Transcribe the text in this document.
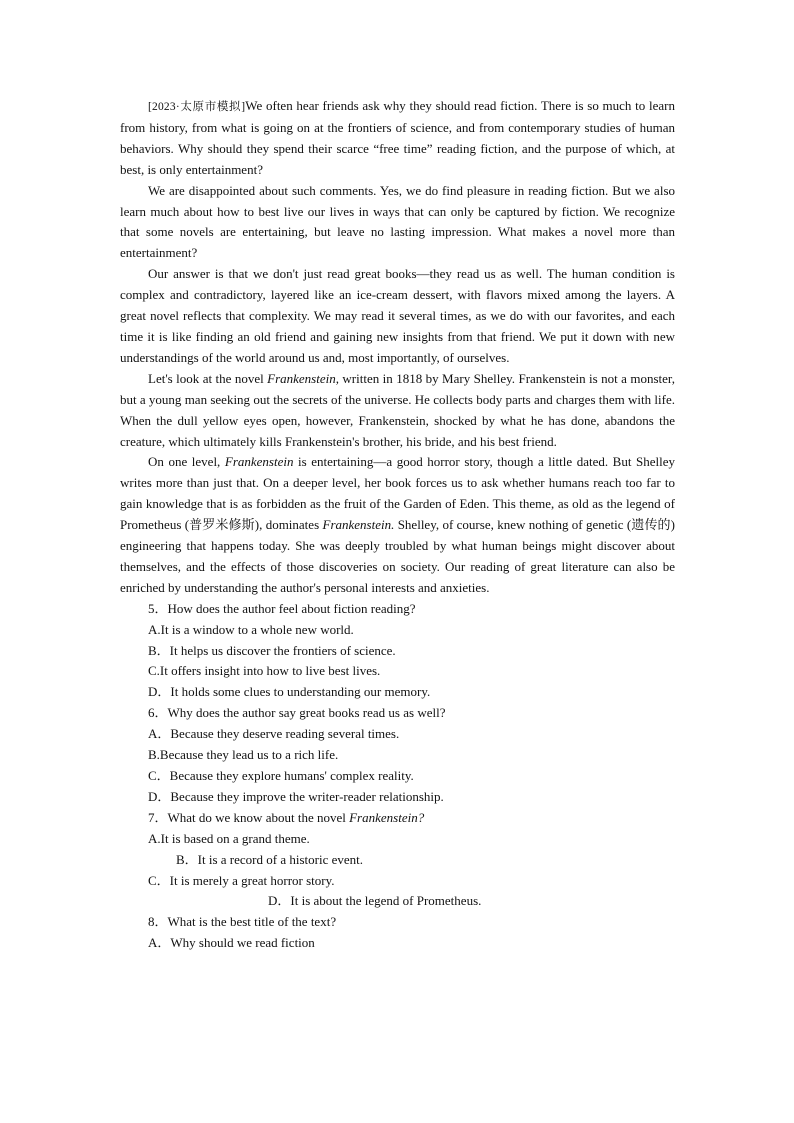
[2023·太原市模拟]We often hear friends ask why they should read fiction. There is so much to learn from history, from what is going on at the frontiers of science, and from contemporary studies of human behaviors. Why should they spend their scarce “free time” reading fiction, and the purpose of which, at best, is only entertainment?

We are disappointed about such comments. Yes, we do find pleasure in reading fiction. But we also learn much about how to best live our lives in ways that can only be captured by fiction. We recognize that some novels are entertaining, but leave no lasting impression. What makes a novel more than entertainment?

Our answer is that we don't just read great books—they read us as well. The human condition is complex and contradictory, layered like an ice-cream dessert, with flavors mixed among the layers. A great novel reflects that complexity. We may read it several times, as we do with our favorites, and each time it is like finding an old friend and gaining new insights from that friend. We put it down with new understandings of the world around us and, most importantly, of ourselves.

Let's look at the novel Frankenstein, written in 1818 by Mary Shelley. Frankenstein is not a monster, but a young man seeking out the secrets of the universe. He collects body parts and charges them with life. When the dull yellow eyes open, however, Frankenstein, shocked by what he has done, abandons the creature, which ultimately kills Frankenstein's brother, his bride, and his best friend.

On one level, Frankenstein is entertaining—a good horror story, though a little dated. But Shelley writes more than just that. On a deeper level, her book forces us to ask whether humans reach too far to gain knowledge that is as forbidden as the fruit of the Garden of Eden. This theme, as old as the legend of Prometheus (普罗米修斯), dominates Frankenstein. Shelley, of course, knew nothing of genetic (遗传的) engineering that happens today. She was deeply troubled by what human beings might discover about themselves, and the effects of those discoveries on society. Our reading of great literature can also be enriched by understanding the author's personal interests and anxieties.

5．How does the author feel about fiction reading?

A.It is a window to a whole new world.

B．It helps us discover the frontiers of science.

C.It offers insight into how to live best lives.

D．It holds some clues to understanding our memory.

6．Why does the author say great books read us as well?

A．Because they deserve reading several times.

B.Because they lead us to a rich life.

C．Because they explore humans' complex reality.

D．Because they improve the writer-reader relationship.

7．What do we know about the novel Frankenstein?

A.It is based on a grand theme.

B．It is a record of a historic event.

C．It is merely a great horror story.

D．It is about the legend of Prometheus.

8．What is the best title of the text?

A．Why should we read fiction
